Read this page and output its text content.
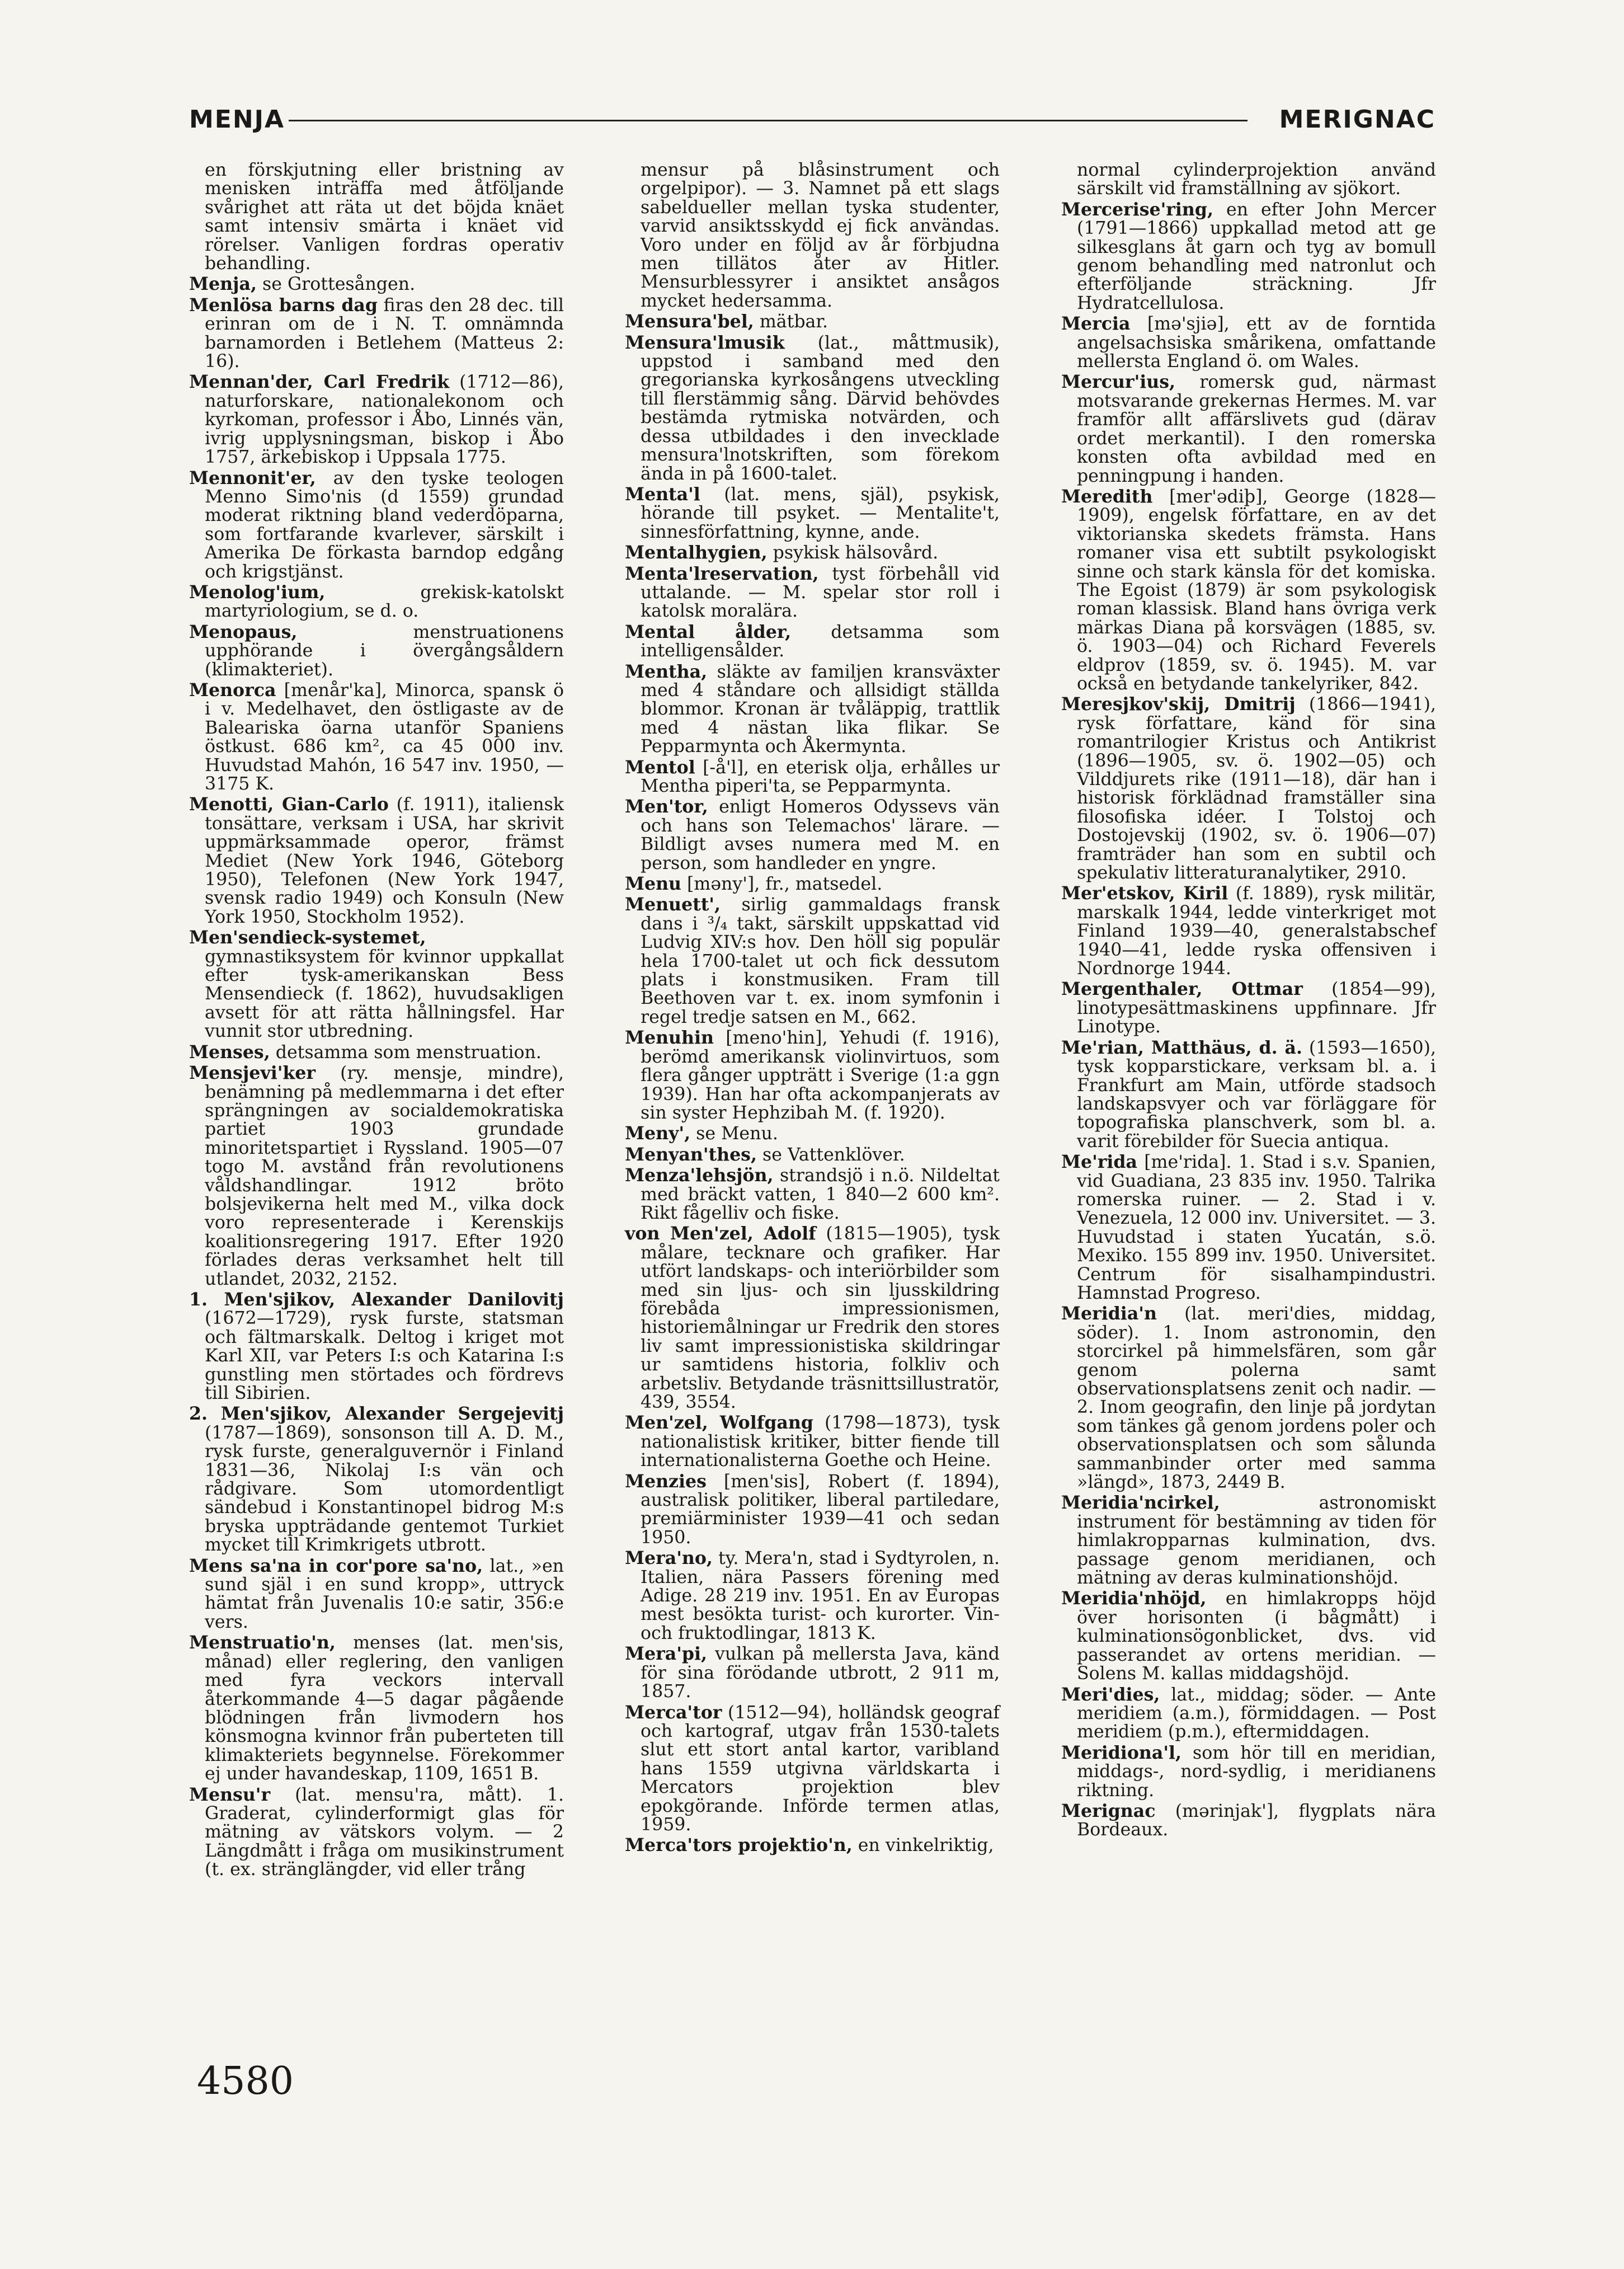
MENJA	MERIGNAC

en förskjutning eller bristning av menisken inträffa med åtföljande svårighet att räta ut det böjda knäet samt intensiv smärta i knäet vid rörelser. Vanligen fordras operativ behandling.

Menja, se Grottesången.

Menlösa barns dag firas den 28 dec. till erinran om de i N. T. omnämnda barnamorden i Betlehem (Matteus 2: 16).

Mennan'der, Carl Fredrik (1712—86), naturforskare, nationalekonom och kyrkoman, professor i Åbo, Linnés vän, ivrig upplysningsman, biskop i Åbo 1757, ärkebiskop i Uppsala 1775.

Mennonit'er, av den tyske teologen Menno Simo'nis (d 1559) grundad moderat riktning bland vederdöparna, som fortfarande kvarlever, särskilt i Amerika De förkasta barndop edgång och krigstjänst.

Menolog'ium, grekisk-katolskt martyriologium, se d. o.

Menopaus, menstruationens upphörande i övergångsåldern (klimakteriet).

Menorca [menår'ka], Minorca, spansk ö i v. Medelhavet, den östligaste av de Baleariska öarna utanför Spaniens östkust. 686 km², ca 45 000 inv. Huvudstad Mahón, 16 547 inv. 1950, — 3175 K.

Menotti, Gian-Carlo (f. 1911), italiensk tonsättare, verksam i USA, har skrivit uppmärksammade operor, främst Mediet (New York 1946, Göteborg 1950), Telefonen (New York 1947, svensk radio 1949) och Konsuln (New York 1950, Stockholm 1952).

Men'sendieck-systemet, gymnastiksystem för kvinnor uppkallat efter tysk-amerikanskan Bess Mensendieck (f. 1862), huvudsakligen avsett för att rätta hållningsfel. Har vunnit stor utbredning.

Menses, detsamma som menstruation.

Mensjevi'ker (ry. mensje, mindre), benämning på medlemmarna i det efter sprängningen av socialdemokratiska partiet 1903 grundade minoritetspartiet i Ryssland. 1905—07 togo M. avstånd från revolutionens våldshandlingar. 1912 bröto bolsjevikerna helt med M., vilka dock voro representerade i Kerenskijs koalitionsregering 1917. Efter 1920 förlades deras verksamhet helt till utlandet, 2032, 2152.

1. Men'sjikov, Alexander Danilovitj (1672—1729), rysk furste, statsman och fältmarskalk. Deltog i kriget mot Karl XII, var Peters I:s och Katarina I:s gunstling men störtades och fördrevs till Sibirien.

2. Men'sjikov, Alexander Sergejevitj (1787—1869), sonsonson till A. D. M., rysk furste, generalguvernör i Finland 1831—36, Nikolaj I:s vän och rådgivare. Som utomordentligt sändebud i Konstantinopel bidrog M:s bryska uppträdande gentemot Turkiet mycket till Krimkrigets utbrott.

Mens sa'na in cor'pore sa'no, lat., »en sund själ i en sund kropp», uttryck hämtat från Juvenalis 10:e satir, 356:e vers.

Menstruatio'n, menses (lat. men'sis, månad) eller reglering, den vanligen med fyra veckors intervall återkommande 4—5 dagar pågående blödningen från livmodern hos könsmogna kvinnor från puberteten till klimakteriets begynnelse. Förekommer ej under havandeskap, 1109, 1651 B.

Mensu'r (lat. mensu'ra, mått). 1. Graderat, cylinderformigt glas för mätning av vätskors volym. — 2 Längdmått i fråga om musikinstrument (t. ex. stränglängder, vid eller trång

mensur på blåsinstrument och orgelpipor). — 3. Namnet på ett slags sabeldueller mellan tyska studenter, varvid ansiktsskydd ej fick användas. Voro under en följd av år förbjudna men tillätos åter av Hitler. Mensurblessyrer i ansiktet ansågos mycket hedersamma.

Mensura'bel, mätbar.

Mensura'lmusik (lat., måttmusik), uppstod i samband med den gregorianska kyrkosångens utveckling till flerstämmig sång. Därvid behövdes bestämda rytmiska notvärden, och dessa utbildades i den invecklade mensura'lnotskriften, som förekom ända in på 1600-talet.

Menta'l (lat. mens, själ), psykisk, hörande till psyket. — Mentalite't, sinnesförfattning, kynne, ande.

Mentalhygien, psykisk hälsovård.

Menta'lreservation, tyst förbehåll vid uttalande. — M. spelar stor roll i katolsk moralära.

Mental ålder, detsamma som intelligensålder.

Mentha, släkte av familjen kransväxter med 4 ståndare och allsidigt ställda blommor. Kronan är tvåläppig, trattlik med 4 nästan lika flikar. Se Pepparmynta och Åkermynta.

Mentol [-å'l], en eterisk olja, erhålles ur Mentha piperi'ta, se Pepparmynta.

Men'tor, enligt Homeros Odyssevs vän och hans son Telemachos' lärare. — Bildligt avses numera med M. en person, som handleder en yngre.

Menu [məny'], fr., matsedel.

Menuett', sirlig gammaldags fransk dans i ³/₄ takt, särskilt uppskattad vid Ludvig XIV:s hov. Den höll sig populär hela 1700-talet ut och fick dessutom plats i konstmusiken. Fram till Beethoven var t. ex. inom symfonin i regel tredje satsen en M., 662.

Menuhin [meno'hin], Yehudi (f. 1916), berömd amerikansk violinvirtuos, som flera gånger uppträtt i Sverige (1:a ggn 1939). Han har ofta ackompanjerats av sin syster Hephzibah M. (f. 1920).

Meny', se Menu.

Menyan'thes, se Vattenklöver.

Menza'lehsjön, strandsjö i n.ö. Nildeltat med bräckt vatten, 1 840—2 600 km². Rikt fågelliv och fiske.

von Men'zel, Adolf (1815—1905), tysk målare, tecknare och grafiker. Har utfört landskaps- och interiörbilder som med sin ljus- och sin ljusskildring förebåda impressionismen, historiemålningar ur Fredrik den stores liv samt impressionistiska skildringar ur samtidens historia, folkliv och arbetsliv. Betydande träsnittsillustratör, 439, 3554.

Men'zel, Wolfgang (1798—1873), tysk nationalistisk kritiker, bitter fiende till internationalisterna Goethe och Heine.

Menzies [men'sis], Robert (f. 1894), australisk politiker, liberal partiledare, premiärminister 1939—41 och sedan 1950.

Mera'no, ty. Mera'n, stad i Sydtyrolen, n. Italien, nära Passers förening med Adige. 28 219 inv. 1951. En av Europas mest besökta turist- och kurorter. Vin- och fruktodlingar, 1813 K.

Mera'pi, vulkan på mellersta Java, känd för sina förödande utbrott, 2 911 m, 1857.

Merca'tor (1512—94), holländsk geograf och kartograf, utgav från 1530-talets slut ett stort antal kartor, varibland hans 1559 utgivna världskarta i Mercators projektion blev epokgörande. Införde termen atlas, 1959.

Merca'tors projektio'n, en vinkelriktig,

normal cylinderprojektion använd särskilt vid framställning av sjökort.

Mercerise'ring, en efter John Mercer (1791—1866) uppkallad metod att ge silkesglans åt garn och tyg av bomull genom behandling med natronlut och efterföljande sträckning. Jfr Hydratcellulosa.

Mercia [mə'sjiə], ett av de forntida angelsachsiska smårikena, omfattande mellersta England ö. om Wales.

Mercur'ius, romersk gud, närmast motsvarande grekernas Hermes. M. var framför allt affärslivets gud (därav ordet merkantil). I den romerska konsten ofta avbildad med en penningpung i handen.

Meredith [mer'ədiþ], George (1828—1909), engelsk författare, en av det viktorianska skedets främsta. Hans romaner visa ett subtilt psykologiskt sinne och stark känsla för det komiska. The Egoist (1879) är som psykologisk roman klassisk. Bland hans övriga verk märkas Diana på korsvägen (1885, sv. ö. 1903—04) och Richard Feverels eldprov (1859, sv. ö. 1945). M. var också en betydande tankelyriker, 842.

Meresjkov'skij, Dmitrij (1866—1941), rysk författare, känd för sina romantrilogier Kristus och Antikrist (1896—1905, sv. ö. 1902—05) och Vilddjurets rike (1911—18), där han i historisk förklädnad framställer sina filosofiska idéer. I Tolstoj och Dostojevskij (1902, sv. ö. 1906—07) framträder han som en subtil och spekulativ litteraturanalytiker, 2910.

Mer'etskov, Kiril (f. 1889), rysk militär, marskalk 1944, ledde vinterkriget mot Finland 1939—40, generalstabschef 1940—41, ledde ryska offensiven i Nordnorge 1944.

Mergenthaler, Ottmar (1854—99), linotypesättmaskinens uppfinnare. Jfr Linotype.

Me'rian, Matthäus, d. ä. (1593—1650), tysk kopparstickare, verksam bl. a. i Frankfurt am Main, utförde stadsoch landskapsvyer och var förläggare för topografiska planschverk, som bl. a. varit förebilder för Suecia antiqua.

Me'rida [me'rida]. 1. Stad i s.v. Spanien, vid Guadiana, 23 835 inv. 1950. Talrika romerska ruiner. — 2. Stad i v. Venezuela, 12 000 inv. Universitet. — 3. Huvudstad i staten Yucatán, s.ö. Mexiko. 155 899 inv. 1950. Universitet. Centrum för sisalhampindustri. Hamnstad Progreso.

Meridia'n (lat. meri'dies, middag, söder). 1. Inom astronomin, den storcirkel på himmelsfären, som går genom polerna samt observationsplatsens zenit och nadir. — 2. Inom geografin, den linje på jordytan som tänkes gå genom jordens poler och observationsplatsen och som sålunda sammanbinder orter med samma »längd», 1873, 2449 B.

Meridia'ncirkel, astronomiskt instrument för bestämning av tiden för himlakropparnas kulmination, dvs. passage genom meridianen, och mätning av deras kulminationshöjd.

Meridia'nhöjd, en himlakropps höjd över horisonten (i bågmått) i kulminationsögonblicket, dvs. vid passerandet av ortens meridian. — Solens M. kallas middagshöjd.

Meri'dies, lat., middag; söder. — Ante meridiem (a.m.), förmiddagen. — Post meridiem (p.m.), eftermiddagen.

Meridiona'l, som hör till en meridian, middags-, nord-sydlig, i meridianens riktning.

Merignac (mərinjak'], flygplats nära Bordeaux.

4580
